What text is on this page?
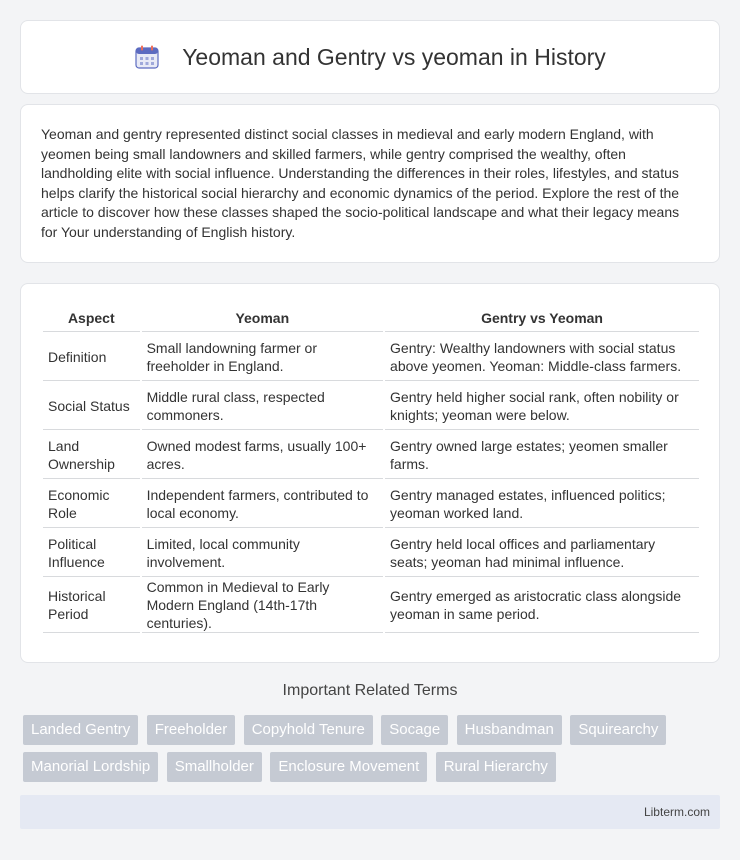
Yeoman and Gentry vs yeoman in History

Yeoman and gentry represented distinct social classes in medieval and early modern England, with yeomen being small landowners and skilled farmers, while gentry comprised the wealthy, often landholding elite with social influence. Understanding the differences in their roles, lifestyles, and status helps clarify the historical social hierarchy and economic dynamics of the period. Explore the rest of the article to discover how these classes shaped the socio-political landscape and what their legacy means for Your understanding of English history.

Aspect	Yeoman	Gentry vs Yeoman
Definition	Small landowning farmer or freeholder in England.	Gentry: Wealthy landowners with social status above yeomen. Yeoman: Middle-class farmers.
Social Status	Middle rural class, respected commoners.	Gentry held higher social rank, often nobility or knights; yeoman were below.
Land Ownership	Owned modest farms, usually 100+ acres.	Gentry owned large estates; yeomen smaller farms.
Economic Role	Independent farmers, contributed to local economy.	Gentry managed estates, influenced politics; yeoman worked land.
Political Influence	Limited, local community involvement.	Gentry held local offices and parliamentary seats; yeoman had minimal influence.
Historical Period	Common in Medieval to Early Modern England (14th-17th centuries).	Gentry emerged as aristocratic class alongside yeoman in same period.
Important Related Terms
Landed Gentry Freeholder Copyhold Tenure Socage Husbandman Squirearchy Manorial Lordship Smallholder Enclosure Movement Rural Hierarchy
Libterm.com
